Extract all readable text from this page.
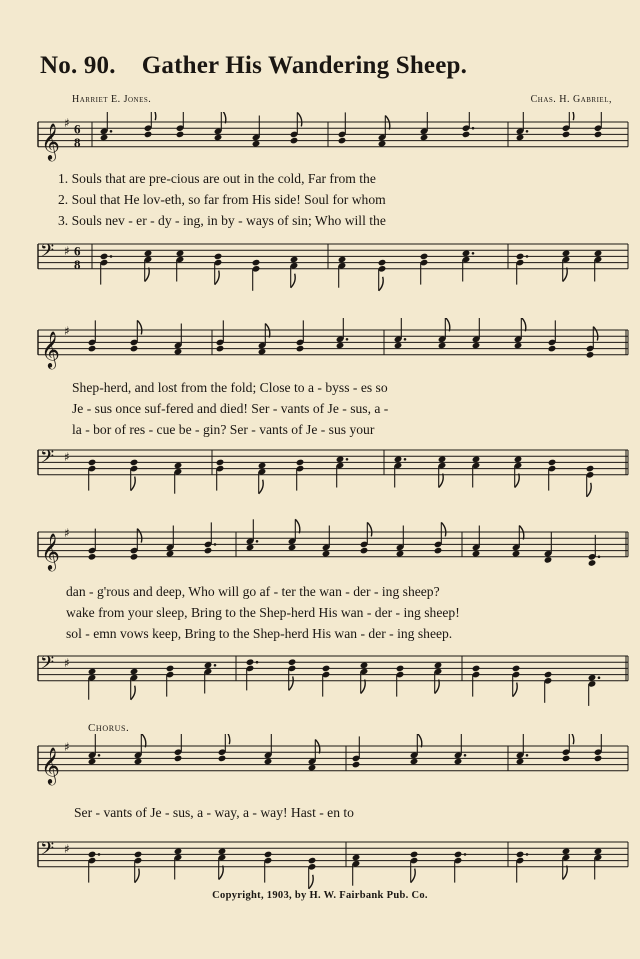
No. 90. Gather His Wandering Sheep.
Harriet E. Jones.	Chas. H. Gabriel,
𝄞 ♯ 6
8
1. Souls that are pre-cious are out in the cold, Far from the
2. Soul that He lov-eth, so far from His side! Soul for whom
3. Souls nev - er - dy - ing, in by - ways of sin; Who will the
𝄢 ♯ 6
8
𝄞 ♯
Shep-herd, and lost from the fold; Close to a - byss - es so
Je - sus once suf-fered and died! Ser - vants of Je - sus, a -
la - bor of res - cue be - gin? Ser - vants of Je - sus your
𝄢 ♯
𝄞 ♯
dan - g'rous and deep, Who will go af - ter the wan - der - ing sheep?
wake from your sleep, Bring to the Shep-herd His wan - der - ing sheep!
sol - emn vows keep, Bring to the Shep-herd His wan - der - ing sheep.
𝄢 ♯
Chorus.
𝄞 ♯
Ser - vants of Je - sus, a - way, a - way! Hast - en to
𝄢 ♯
Copyright, 1903, by H. W. Fairbank Pub. Co.
